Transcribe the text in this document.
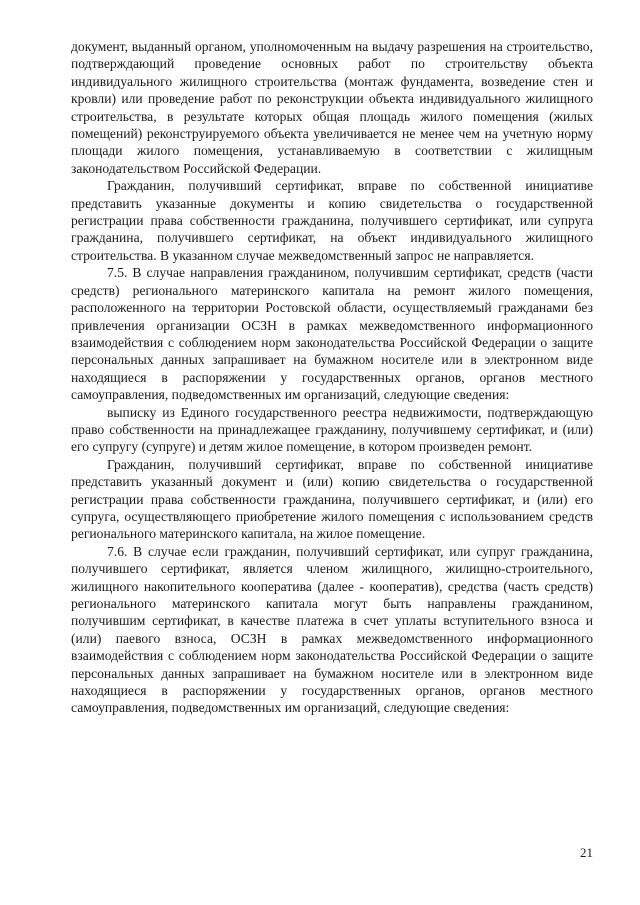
документ, выданный органом, уполномоченным на выдачу разрешения на строительство, подтверждающий проведение основных работ по строительству объекта индивидуального жилищного строительства (монтаж фундамента, возведение стен и кровли) или проведение работ по реконструкции объекта индивидуального жилищного строительства, в результате которых общая площадь жилого помещения (жилых помещений) реконструируемого объекта увеличивается не менее чем на учетную норму площади жилого помещения, устанавливаемую в соответствии с жилищным законодательством Российской Федерации.

Гражданин, получивший сертификат, вправе по собственной инициативе представить указанные документы и копию свидетельства о государственной регистрации права собственности гражданина, получившего сертификат, или супруга гражданина, получившего сертификат, на объект индивидуального жилищного строительства. В указанном случае межведомственный запрос не направляется.

7.5. В случае направления гражданином, получившим сертификат, средств (части средств) регионального материнского капитала на ремонт жилого помещения, расположенного на территории Ростовской области, осуществляемый гражданами без привлечения организации ОСЗН в рамках межведомственного информационного взаимодействия с соблюдением норм законодательства Российской Федерации о защите персональных данных запрашивает на бумажном носителе или в электронном виде находящиеся в распоряжении у государственных органов, органов местного самоуправления, подведомственных им организаций, следующие сведения:

выписку из Единого государственного реестра недвижимости, подтверждающую право собственности на принадлежащее гражданину, получившему сертификат, и (или) его супругу (супруге) и детям жилое помещение, в котором произведен ремонт.

Гражданин, получивший сертификат, вправе по собственной инициативе представить указанный документ и (или) копию свидетельства о государственной регистрации права собственности гражданина, получившего сертификат, и (или) его супруга, осуществляющего приобретение жилого помещения с использованием средств регионального материнского капитала, на жилое помещение.

7.6. В случае если гражданин, получивший сертификат, или супруг гражданина, получившего сертификат, является членом жилищного, жилищно-строительного, жилищного накопительного кооператива (далее - кооператив), средства (часть средств) регионального материнского капитала могут быть направлены гражданином, получившим сертификат, в качестве платежа в счет уплаты вступительного взноса и (или) паевого взноса, ОСЗН в рамках межведомственного информационного взаимодействия с соблюдением норм законодательства Российской Федерации о защите персональных данных запрашивает на бумажном носителе или в электронном виде находящиеся в распоряжении у государственных органов, органов местного самоуправления, подведомственных им организаций, следующие сведения:

21
